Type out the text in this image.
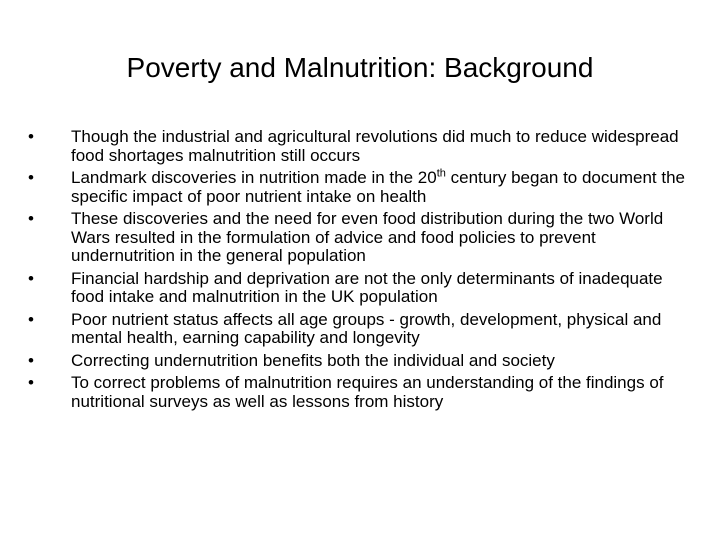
Poverty and Malnutrition: Background
•	Though the industrial and agricultural revolutions did much to reduce widespread food shortages malnutrition still occurs
•	Landmark discoveries in nutrition made in the 20th century began to document the specific impact of poor nutrient intake on health
•	These discoveries and the need for even food distribution during the two World Wars resulted in the formulation of advice and food policies to prevent undernutrition in the general population
•	Financial hardship and deprivation are not the only determinants of inadequate food intake and malnutrition in the UK population
•	Poor nutrient status affects all age groups - growth, development, physical and mental health, earning capability and longevity
•	Correcting undernutrition benefits both the individual and society
•	To correct problems of malnutrition requires an understanding of the findings of nutritional surveys as well as lessons from history
